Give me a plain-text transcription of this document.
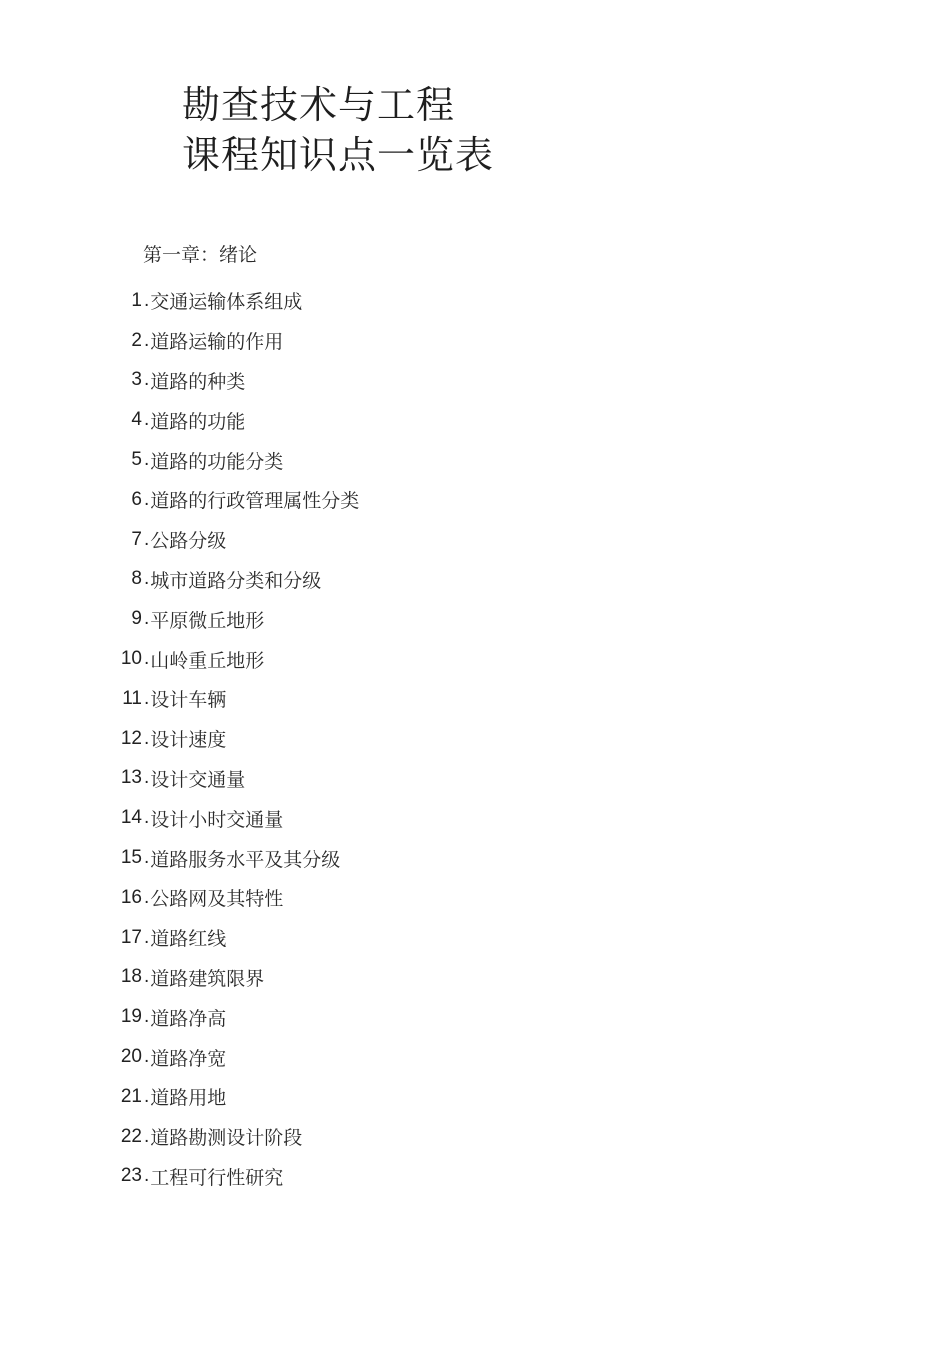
勘查技术与工程
课程知识点一览表
第一章：绪论
1 . 交通运输体系组成
2 . 道路运输的作用
3 . 道路的种类
4 . 道路的功能
5 . 道路的功能分类
6 . 道路的行政管理属性分类
7 . 公路分级
8 . 城市道路分类和分级
9 . 平原微丘地形
10 . 山岭重丘地形
11 . 设计车辆
12 . 设计速度
13 . 设计交通量
14 . 设计小时交通量
15 . 道路服务水平及其分级
16 . 公路网及其特性
17 . 道路红线
18 . 道路建筑限界
19 . 道路净高
20 . 道路净宽
21 . 道路用地
22 . 道路勘测设计阶段
23 . 工程可行性研究
